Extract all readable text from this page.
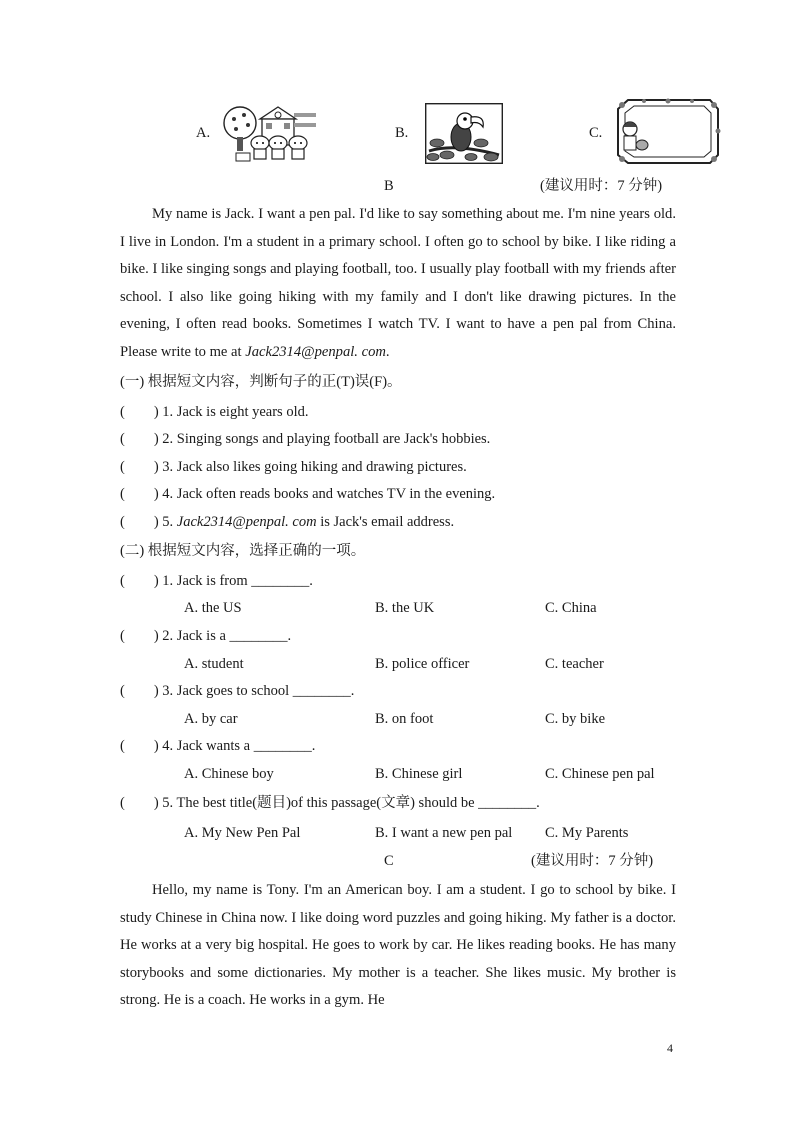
A.	B.	C.
B	(建议用时：7 分钟)
My name is Jack. I want a pen pal. I'd like to say something about me. I'm nine years old. I live in London. I'm a student in a primary school. I often go to school by bike. I like riding a bike. I like singing songs and playing football, too. I usually play football with my friends after school. I also like going hiking with my family and I don't like drawing pictures. In the evening, I often read books. Sometimes I watch TV. I want to have a pen pal from China. Please write to me at Jack2314@penpal. com.
(一) 根据短文内容，判断句子的正(T)误(F)。
(        ) 1. Jack is eight years old.
(        ) 2. Singing songs and playing football are Jack's hobbies.
(        ) 3. Jack also likes going hiking and drawing pictures.
(        ) 4. Jack often reads books and watches TV in the evening.
(        ) 5. Jack2314@penpal. com is Jack's email address.
(二) 根据短文内容，选择正确的一项。
(        ) 1. Jack is from ________.
A. the US	B. the UK	C. China
(        ) 2. Jack is a ________.
A. student	B. police officer	C. teacher
(        ) 3. Jack goes to school ________.
A. by car	B. on foot	C. by bike
(        ) 4. Jack wants a ________.
A. Chinese boy	B. Chinese girl	C. Chinese pen pal
(        ) 5. The best title(题目)of this passage(文章) should be ________.
A. My New Pen Pal	B. I want a new pen pal C. My Parents
C	(建议用时：7 分钟)
Hello, my name is Tony. I'm an American boy. I am a student. I go to school by bike. I study Chinese in China now. I like doing word puzzles and going hiking. My father is a doctor. He works at a very big hospital. He goes to work by car. He likes reading books. He has many storybooks and some dictionaries. My mother is a teacher. She likes music. My brother is strong. He is a coach. He works in a gym. He
4
